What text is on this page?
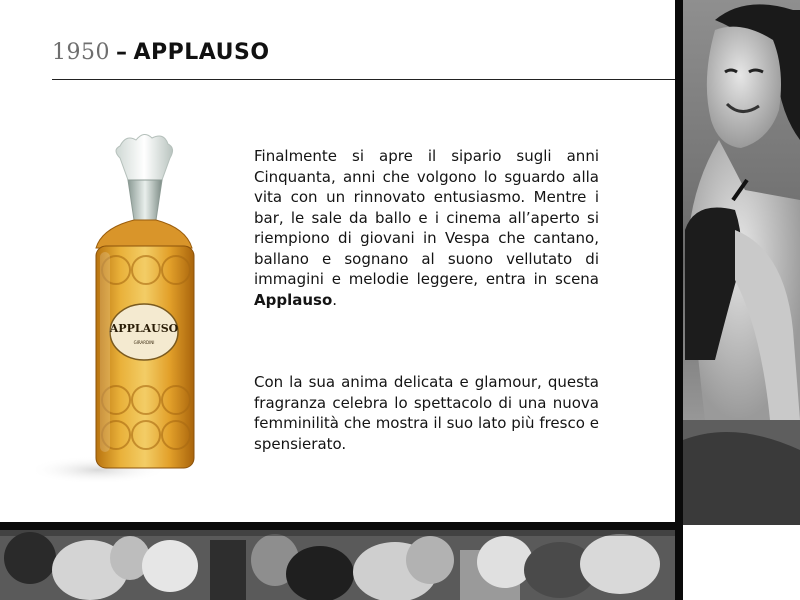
1950 – APPLAUSO
APPLAUSO
GIRARDINI
Finalmente si apre il sipario sugli anni Cinquanta, anni che volgono lo sguardo alla vita con un rinnovato entusiasmo. Mentre i bar, le sale da ballo e i cinema all’aperto si riempiono di giovani in Vespa che cantano, ballano e sognano al suono vellutato di immagini e melodie leggere, entra in scena Applauso.
Con la sua anima delicata e glamour, questa fragranza celebra lo spettacolo di una nuova femminilità che mostra il suo lato più fresco e spensierato.
